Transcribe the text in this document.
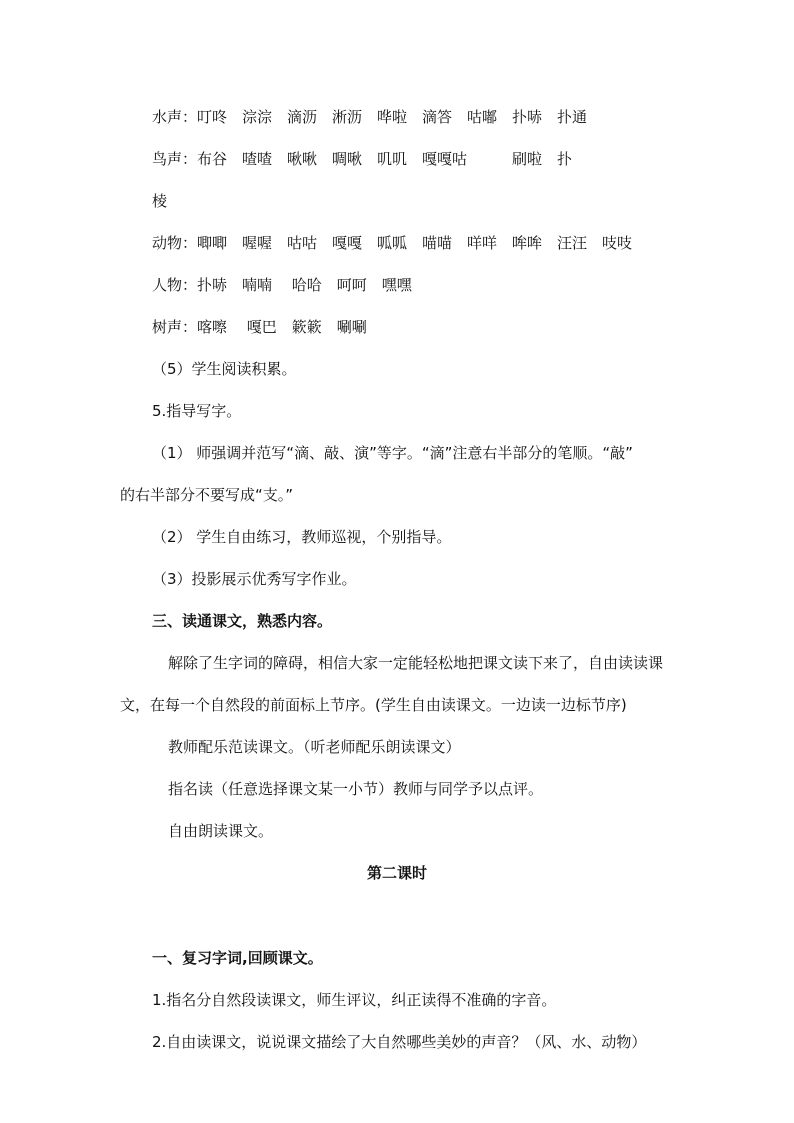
水声：叮咚　淙淙　滴沥　淅沥　哗啦　滴答　咕嘟　扑哧　扑通
鸟声：布谷　喳喳　啾啾　啁啾　叽叽　嘎嘎咕　　　刷啦　扑
棱
动物：唧唧　喔喔　咕咕　嘎嘎　呱呱　喵喵　咩咩　哞哞　汪汪　吱吱
人物：扑哧　喃喃　 哈哈　呵呵　嘿嘿
树声：喀嚓　 嘎巴　簌簌　唰唰
（5）学生阅读积累。
5.指导写字。
（1） 师强调并范写“滴、敲、演”等字。“滴”注意右半部分的笔顺。“敲”
的右半部分不要写成“支。”
（2） 学生自由练习，教师巡视，个别指导。
（3）投影展示优秀写字作业。
三、读通课文，熟悉内容。
解除了生字词的障碍，相信大家一定能轻松地把课文读下来了，自由读读课
文，在每一个自然段的前面标上节序。(学生自由读课文。一边读一边标节序)
教师配乐范读课文。（听老师配乐朗读课文）
指名读（任意选择课文某一小节）教师与同学予以点评。
自由朗读课文。
第二课时
一、复习字词,回顾课文。
1.指名分自然段读课文，师生评议，纠正读得不准确的字音。
2.自由读课文，说说课文描绘了大自然哪些美妙的声音？（风、水、动物）
